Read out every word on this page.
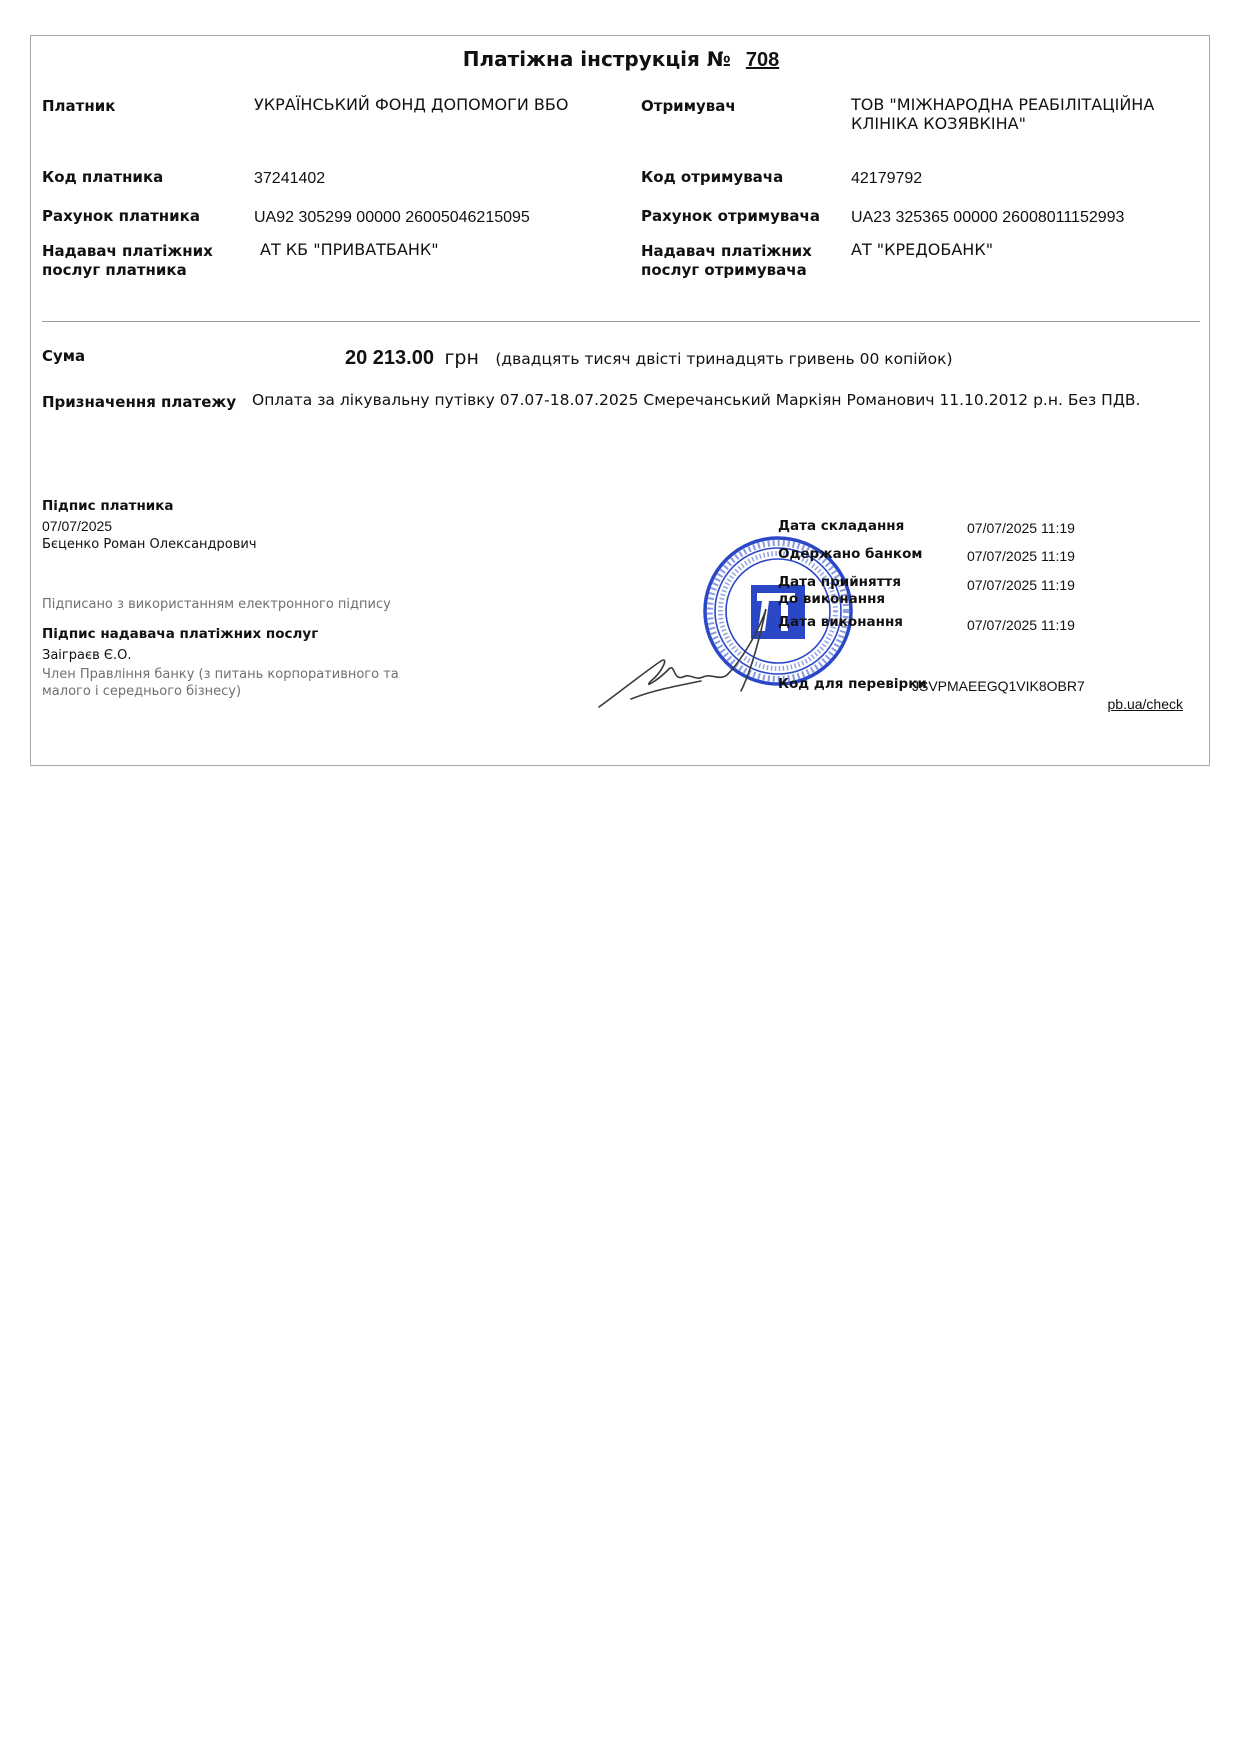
Платіжна інструкція № 708
Платник	УКРАЇНСЬКИЙ ФОНД ДОПОМОГИ ВБО
Код платника	37241402
Рахунок платника	UA92 305299 00000 26005046215095
Надавач платіжних
послуг платника
АТ КБ "ПРИВАТБАНК"
Отримувач	ТОВ "МІЖНАРОДНА РЕАБІЛІТАЦІЙНА
КЛІНІКА КОЗЯВКІНА"
Код отримувача	42179792
Рахунок отримувача UA23 325365 00000 26008011152993
Надавач платіжних
послуг отримувача
АТ "КРЕДОБАНК"
Сума	20 213.00 грн (двадцять тисяч двісті тринадцять гривень 00 копійок)
Призначення платежу Оплата за лікувальну путівку 07.07-18.07.2025 Смеречанський Маркіян Романович 11.10.2012 р.н. Без ПДВ.
Підпис платника
07/07/2025
Бєценко Роман Олександрович
Підписано з використанням електронного підпису
Підпис надавача платіжних послуг
Заіграєв Є.О.
Член Правління банку (з питань корпоративного та
малого і середнього бізнесу)
Дата складання	07/07/2025 11:19
Одержано банком	07/07/2025 11:19
Дата прийняття
до виконання
07/07/2025 11:19
Дата виконання	07/07/2025 11:19
Код для перевірки
JSVPMAEEGQ1VIK8OBR7
pb.ua/check
